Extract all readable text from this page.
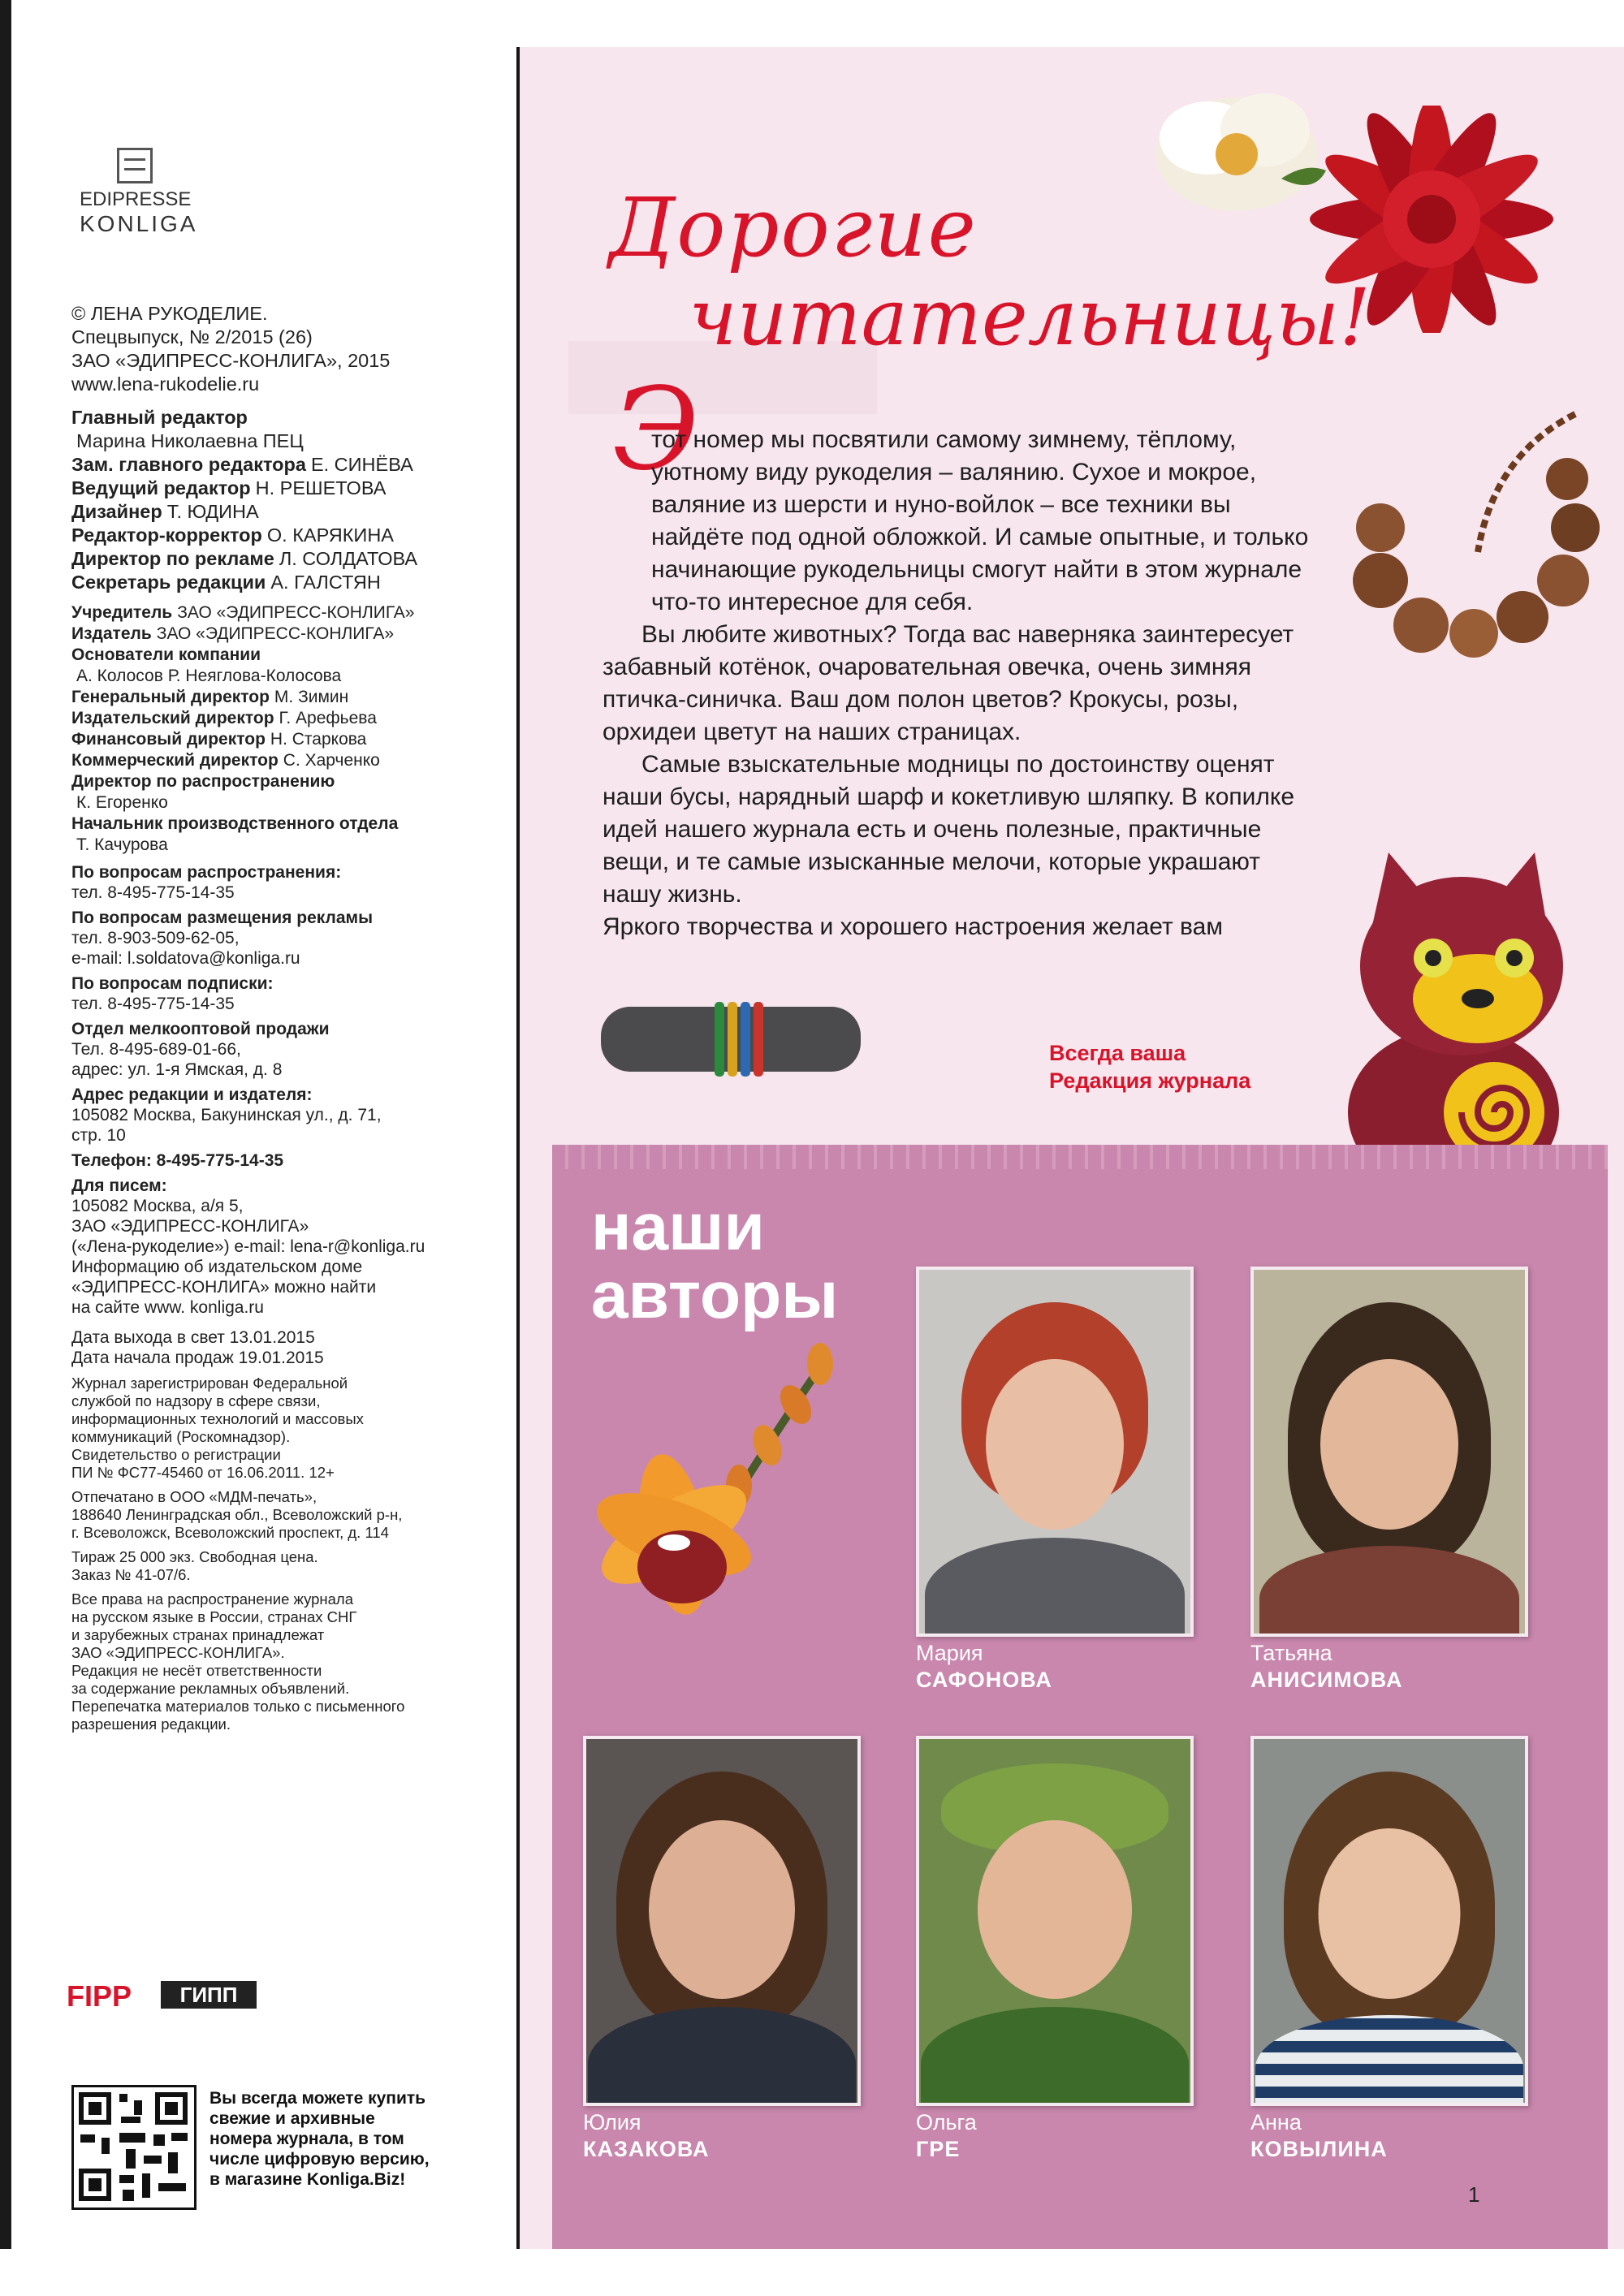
EDIPRESSE
KONLIGA
© ЛЕНА РУКОДЕЛИЕ.
Спецвыпуск, № 2/2015 (26)
ЗАО «ЭДИПРЕСС-КОНЛИГА», 2015
www.lena-rukodelie.ru
Главный редактор
Марина Николаевна ПЕЦ
Зам. главного редактора Е. СИНЁВА
Ведущий редактор Н. РЕШЕТОВА
Дизайнер Т. ЮДИНА
Редактор-корректор О. КАРЯКИНА
Директор по рекламе Л. СОЛДАТОВА
Секретарь редакции А. ГАЛСТЯН
Учредитель ЗАО «ЭДИПРЕСС-КОНЛИГА»
Издатель ЗАО «ЭДИПРЕСС-КОНЛИГА»
Основатели компании
А. Колосов Р. Неяглова-Колосова
Генеральный директор М. Зимин
Издательский директор Г. Арефьева
Финансовый директор Н. Старкова
Коммерческий директор С. Харченко
Директор по распространению
К. Егоренко
Начальник производственного отдела
Т. Качурова
По вопросам распространения:
тел. 8-495-775-14-35
По вопросам размещения рекламы
тел. 8-903-509-62-05,
e-mail: l.soldatova@konliga.ru
По вопросам подписки:
тел. 8-495-775-14-35
Отдел мелкооптовой продажи
Тел. 8-495-689-01-66,
адрес: ул. 1-я Ямская, д. 8
Адрес редакции и издателя:
105082 Москва, Бакунинская ул., д. 71,
стр. 10
Телефон: 8-495-775-14-35
Для писем:
105082 Москва, а/я 5,
ЗАО «ЭДИПРЕСС-КОНЛИГА»
(«Лена-рукоделие») e-mail: lena-r@konliga.ru
Информацию об издательском доме
«ЭДИПРЕСС-КОНЛИГА» можно найти
на сайте www. konliga.ru
Дата выхода в свет 13.01.2015
Дата начала продаж 19.01.2015
Журнал зарегистрирован Федеральной
службой по надзору в сфере связи,
информационных технологий и массовых
коммуникаций (Роскомнадзор).
Свидетельство о регистрации
ПИ № ФС77-45460 от 16.06.2011. 12+
Отпечатано в ООО «МДМ-печать»,
188640 Ленинградская обл., Всеволожский р-н,
г. Всеволожск, Всеволожский проспект, д. 114
Тираж 25 000 экз. Свободная цена.
Заказ № 41-07/6.
Все права на распространение журнала
на русском языке в России, странах СНГ
и зарубежных странах принадлежат
ЗАО «ЭДИПРЕСС-КОНЛИГА».
Редакция не несёт ответственности
за содержание рекламных объявлений.
Перепечатка материалов только с письменного
разрешения редакции.
FIPP	ГИПП
Вы всегда можете купить свежие и архивные номера журнала, в том числе цифровую версию, в магазине Konliga.Biz!
Дорогие
читательницы!
Э

тот номер мы посвятили самому зимнему, тёплому, уютному виду рукоделия – валянию. Сухое и мокрое, валяние из шерсти и нуно-войлок – все техники вы найдёте под одной обложкой. И самые опытные, и только начинающие рукодельницы смогут найти в этом журнале что-то интересное для себя.

Вы любите животных? Тогда вас наверняка заинтересует забавный котёнок, очаровательная овечка, очень зимняя птичка-синичка. Ваш дом полон цветов? Крокусы, розы, орхидеи цветут на наших страницах.

Самые взыскательные модницы по достоинству оценят наши бусы, нарядный шарф и кокетливую шляпку. В копилке идей нашего журнала есть и очень полезные, практичные вещи, и те самые изысканные мелочи, которые украшают нашу жизнь.

Яркого творчества и хорошего настроения желает вам

Всегда ваша
Редакция журнала
наши
авторы
Мария
САФОНОВА
Татьяна
АНИСИМОВА
Юлия
КАЗАКОВА
Ольга
ГРЕ
Анна
КОВЫЛИНА
1
